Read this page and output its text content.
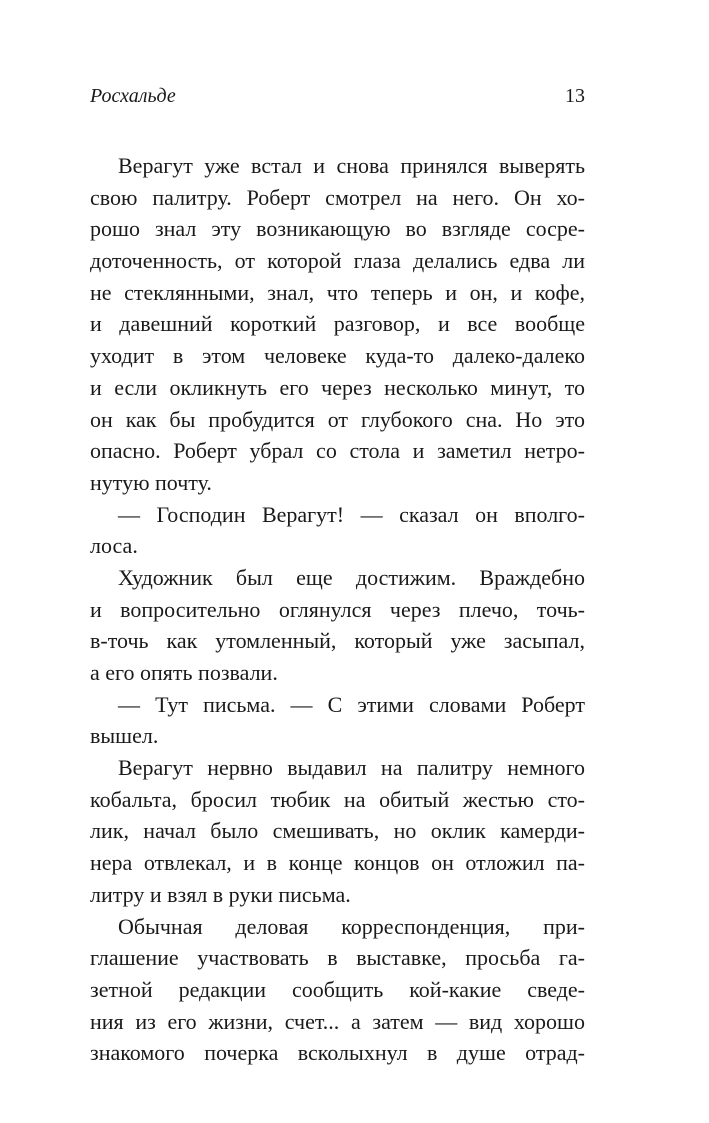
Росхальде	13
Верагут уже встал и снова принялся выверять
свою палитру. Роберт смотрел на него. Он хо-
рошо знал эту возникающую во взгляде сосре-
доточенность, от которой глаза делались едва ли
не стеклянными, знал, что теперь и он, и кофе,
и давешний короткий разговор, и все вообще
уходит в этом человеке куда-то далеко-далеко
и если окликнуть его через несколько минут, то
он как бы пробудится от глубокого сна. Но это
опасно. Роберт убрал со стола и заметил нетро-
нутую почту.
— Господин Верагут! — сказал он вполго-
лоса.
Художник был еще достижим. Враждебно
и вопросительно оглянулся через плечо, точь-
в-точь как утомленный, который уже засыпал,
а его опять позвали.
— Тут письма. — С этими словами Роберт
вышел.
Верагут нервно выдавил на палитру немного
кобальта, бросил тюбик на обитый жестью сто-
лик, начал было смешивать, но оклик камерди-
нера отвлекал, и в конце концов он отложил па-
литру и взял в руки письма.
Обычная деловая корреспонденция, при-
глашение участвовать в выставке, просьба га-
зетной редакции сообщить кой-какие сведе-
ния из его жизни, счет... а затем — вид хорошо
знакомого почерка всколыхнул в душе отрад-
